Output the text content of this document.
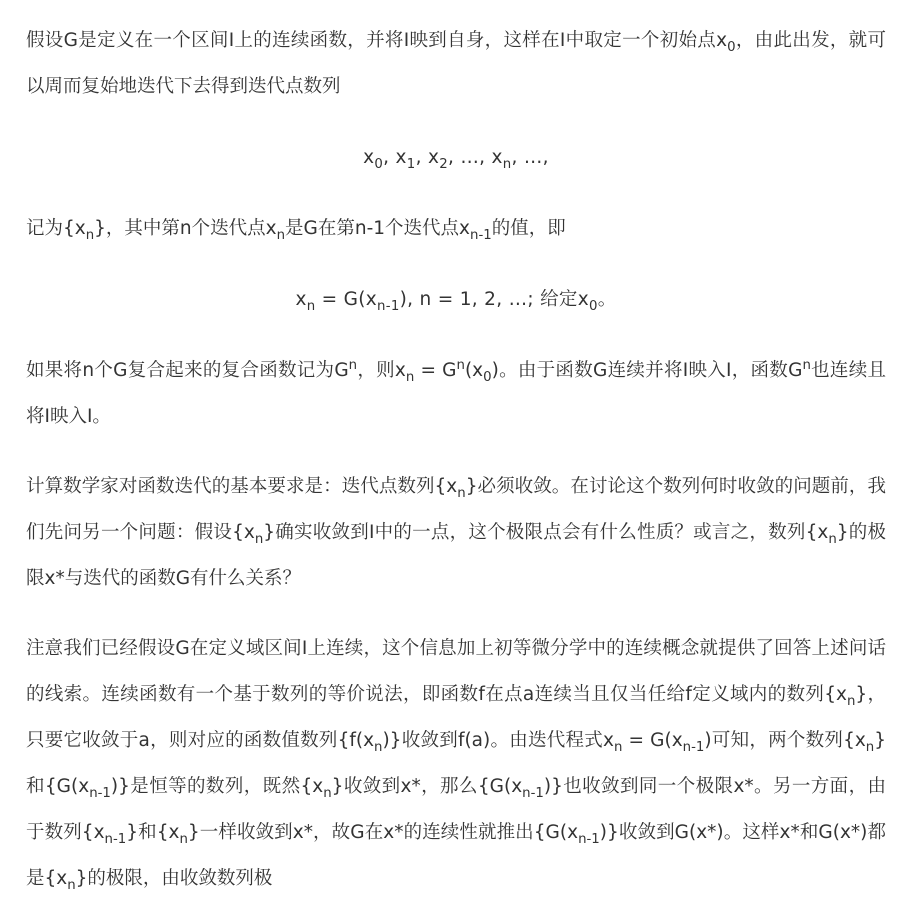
假设G是定义在一个区间I上的连续函数，并将I映到自身，这样在I中取定一个初始点$x_0$，由此出发，就可以周而复始地迭代下去得到迭代点数列

$x_0$, $x_1$, $x_2$, …, $x_n$, …,

记为$\{x_n\}$，其中第n个迭代点$x_n$是G在第n-1个迭代点$x_{n-1}$的值，即

$x_n = G(x_{n-1})$, n = 1, 2, …; 给定$x_0$。

如果将n个G复合起来的复合函数记为$G^n$，则$x_n = G^n(x_0)$。由于函数G连续并将I映入I，函数$G^n$也连续且将I映入I。

计算数学家对函数迭代的基本要求是：迭代点数列$\{x_n\}$必须收敛。在讨论这个数列何时收敛的问题前，我们先问另一个问题：假设$\{x_n\}$确实收敛到I中的一点，这个极限点会有什么性质？或言之，数列$\{x_n\}$的极限x*与迭代的函数G有什么关系？

注意我们已经假设G在定义域区间I上连续，这个信息加上初等微分学中的连续概念就提供了回答上述问话的线索。连续函数有一个基于数列的等价说法，即函数f在点a连续当且仅当任给f定义域内的数列$\{x_n\}$，只要它收敛于a，则对应的函数值数列$\{f(x_n)\}$收敛到f(a)。由迭代程式$x_n = G(x_{n-1})$可知，两个数列$\{x_n\}$和$\{G(x_{n-1})\}$是恒等的数列，既然$\{x_n\}$收敛到x*，那么$\{G(x_{n-1})\}$也收敛到同一个极限x*。另一方面，由于数列$\{x_{n-1}\}$和$\{x_n\}$一样收敛到x*，故G在x*的连续性就推出$\{G(x_{n-1})\}$收敛到G(x*)。这样x*和G(x*)都是$\{x_n\}$的极限，由收敛数列极
